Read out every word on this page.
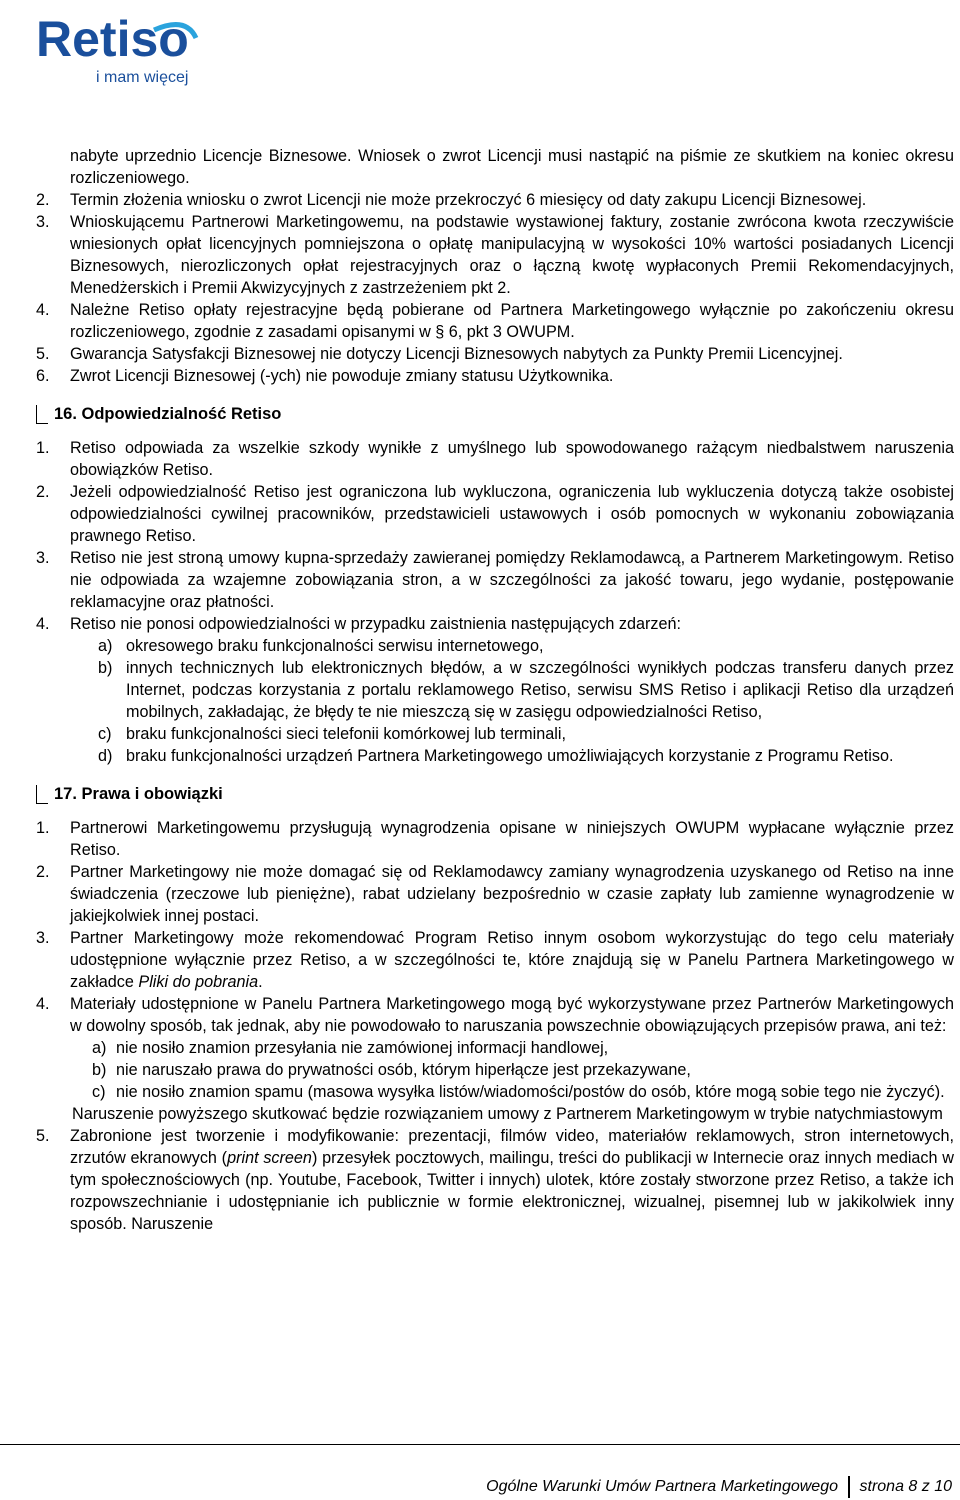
Retiso
i mam więcej
nabyte uprzednio Licencje Biznesowe. Wniosek o zwrot Licencji musi nastąpić na piśmie ze skutkiem na koniec okresu rozliczeniowego.
2.	Termin złożenia wniosku o zwrot Licencji nie może przekroczyć 6 miesięcy od daty zakupu Licencji Biznesowej.
3.	Wnioskującemu Partnerowi Marketingowemu, na podstawie wystawionej faktury, zostanie zwrócona kwota rzeczywiście wniesionych opłat licencyjnych pomniejszona o opłatę manipulacyjną w wysokości 10% wartości posiadanych Licencji Biznesowych, nierozliczonych opłat rejestracyjnych oraz o łączną kwotę wypłaconych Premii Rekomendacyjnych, Menedżerskich i Premii Akwizycyjnych z zastrzeżeniem pkt 2.
4.	Należne Retiso opłaty rejestracyjne będą pobierane od Partnera Marketingowego wyłącznie po zakończeniu okresu rozliczeniowego, zgodnie z zasadami opisanymi w § 6, pkt 3 OWUPM.
5.	Gwarancja Satysfakcji Biznesowej nie dotyczy Licencji Biznesowych nabytych za Punkty Premii Licencyjnej.
6.	Zwrot Licencji Biznesowej (-ych) nie powoduje zmiany statusu Użytkownika.
16. Odpowiedzialność Retiso
1.	Retiso odpowiada za wszelkie szkody wynikłe z umyślnego lub spowodowanego rażącym niedbalstwem naruszenia obowiązków Retiso.
2.	Jeżeli odpowiedzialność Retiso jest ograniczona lub wykluczona, ograniczenia lub wykluczenia dotyczą także osobistej odpowiedzialności cywilnej pracowników, przedstawicieli ustawowych i osób pomocnych w wykonaniu zobowiązania prawnego Retiso.
3.	Retiso nie jest stroną umowy kupna-sprzedaży zawieranej pomiędzy Reklamodawcą, a Partnerem Marketingowym. Retiso nie odpowiada za wzajemne zobowiązania stron, a w szczególności za jakość towaru, jego wydanie, postępowanie reklamacyjne oraz płatności.
4.	Retiso nie ponosi odpowiedzialności w przypadku zaistnienia następujących zdarzeń:
a) okresowego braku funkcjonalności serwisu internetowego,
b) innych technicznych lub elektronicznych błędów, a w szczególności wynikłych podczas transferu danych przez Internet, podczas korzystania z portalu reklamowego Retiso, serwisu SMS Retiso i aplikacji Retiso dla urządzeń mobilnych, zakładając, że błędy te nie mieszczą się w zasięgu odpowiedzialności Retiso,
c) braku funkcjonalności sieci telefonii komórkowej lub terminali,
d) braku funkcjonalności urządzeń Partnera Marketingowego umożliwiających korzystanie z Programu Retiso.
17. Prawa i obowiązki
1.	Partnerowi Marketingowemu przysługują wynagrodzenia opisane w niniejszych OWUPM wypłacane wyłącznie przez Retiso.
2.	Partner Marketingowy nie może domagać się od Reklamodawcy zamiany wynagrodzenia uzyskanego od Retiso na inne świadczenia (rzeczowe lub pieniężne), rabat udzielany bezpośrednio w czasie zapłaty lub zamienne wynagrodzenie w jakiejkolwiek innej postaci.
3.	Partner Marketingowy może rekomendować Program Retiso innym osobom wykorzystując do tego celu materiały udostępnione wyłącznie przez Retiso, a w szczególności te, które znajdują się w Panelu Partnera Marketingowego w zakładce Pliki do pobrania.
4.	Materiały udostępnione w Panelu Partnera Marketingowego mogą być wykorzystywane przez Partnerów Marketingowych w dowolny sposób, tak jednak, aby nie powodowało to naruszania powszechnie obowiązujących przepisów prawa, ani też:
a) nie nosiło znamion przesyłania nie zamówionej informacji handlowej,
b) nie naruszało prawa do prywatności osób, którym hiperłącze jest przekazywane,
c) nie nosiło znamion spamu (masowa wysyłka listów/wiadomości/postów do osób, które mogą sobie tego nie życzyć).
Naruszenie powyższego skutkować będzie rozwiązaniem umowy z Partnerem Marketingowym w trybie natychmiastowym
5.	Zabronione jest tworzenie i modyfikowanie: prezentacji, filmów video, materiałów reklamowych, stron internetowych, zrzutów ekranowych (print screen) przesyłek pocztowych, mailingu, treści do publikacji w Internecie oraz innych mediach w tym społecznościowych (np. Youtube, Facebook, Twitter i innych) ulotek, które zostały stworzone przez Retiso, a także ich rozpowszechnianie i udostępnianie ich publicznie w formie elektronicznej, wizualnej, pisemnej lub w jakikolwiek inny sposób. Naruszenie
Ogólne Warunki Umów Partnera Marketingowego strona 8 z 10
